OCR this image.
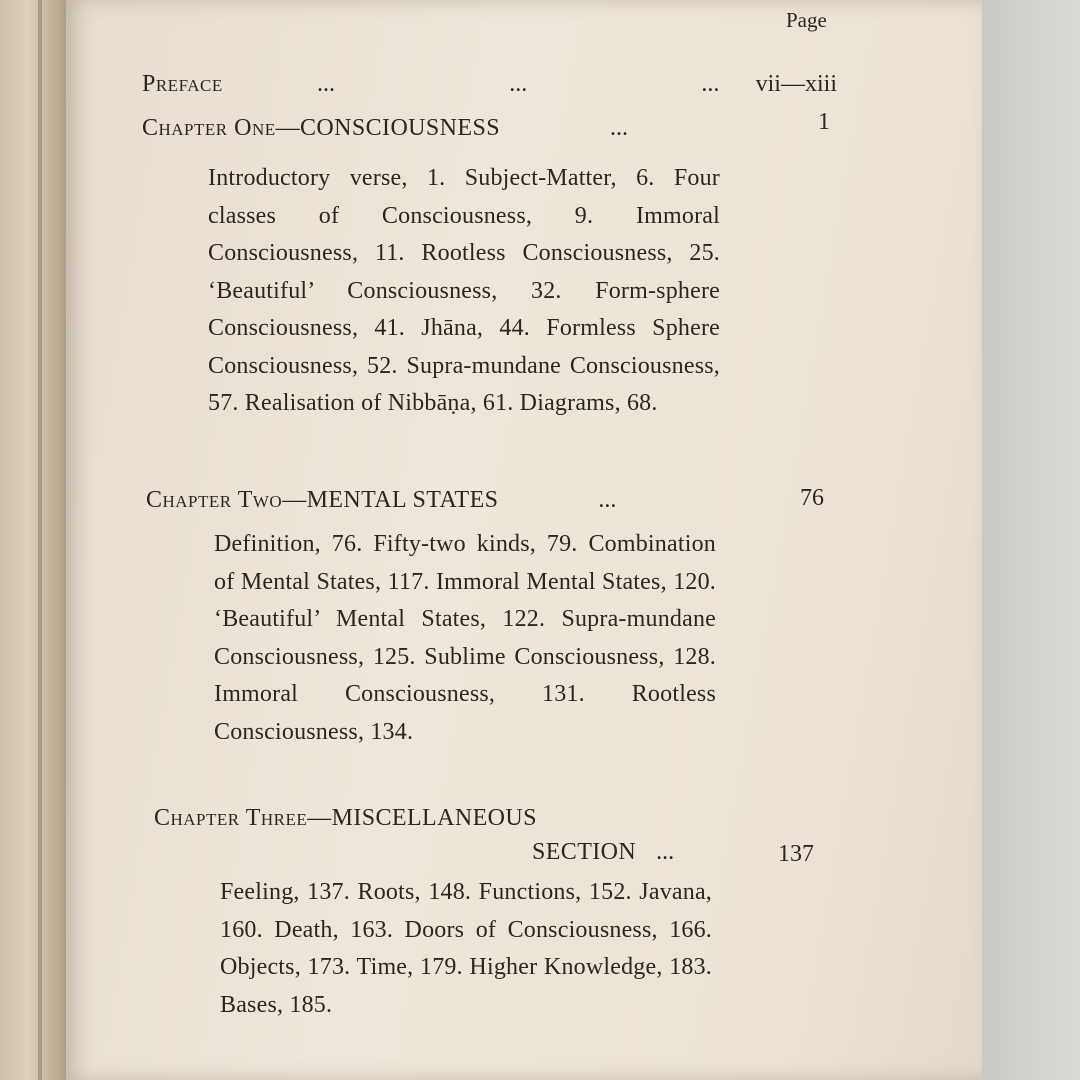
Page
Preface	...	...	... vii—xiii
Chapter One —CONSCIOUSNESS	...	1
Introductory verse, 1. Subject-Matter, 6. Four classes of Consciousness, 9. Immoral Consciousness, 11. Rootless Consciousness, 25. ‘Beautiful’ Consciousness, 32. Form-sphere Consciousness, 41. Jhāna, 44. Formless Sphere Consciousness, 52. Supra-mundane Consciousness, 57. Realisation of Nibbāṇa, 61. Diagrams, 68.
Chapter Two —MENTAL STATES	...	76
Definition, 76. Fifty-two kinds, 79. Combination of Mental States, 117. Immoral Mental States, 120. ‘Beautiful’ Mental States, 122. Supra-mundane Consciousness, 125. Sublime Consciousness, 128. Immoral Consciousness, 131. Rootless Consciousness, 134.
Chapter Three —MISCELLANEOUS
SECTION ...	137
Feeling, 137. Roots, 148. Functions, 152. Javana, 160. Death, 163. Doors of Consciousness, 166. Objects, 173. Time, 179. Higher Knowledge, 183. Bases, 185.
